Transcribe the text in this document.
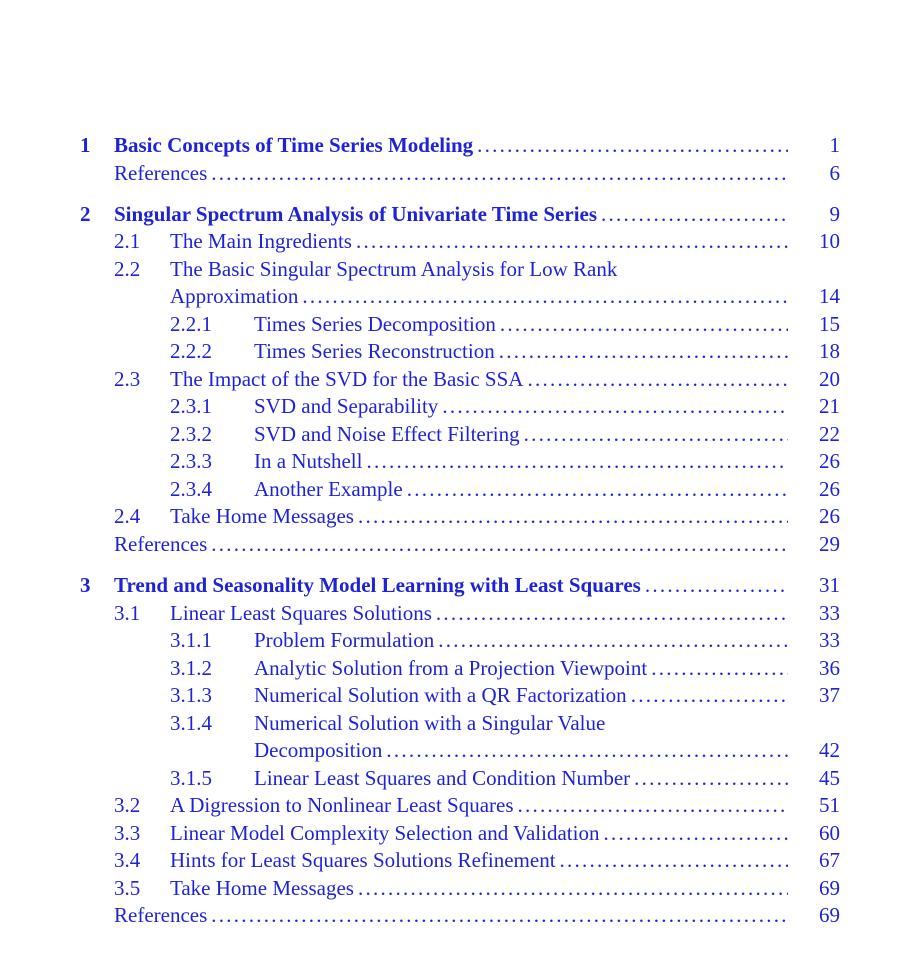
1 Basic Concepts of Time Series Modeling . . .	1
References . . .	6
2 Singular Spectrum Analysis of Univariate Time Series . . .	9
2.1 The Main Ingredients . . .	10
2.2 The Basic Singular Spectrum Analysis for Low Rank
Approximation . . .	14
2.2.1 Times Series Decomposition . . .	15
2.2.2 Times Series Reconstruction . . .	18
2.3 The Impact of the SVD for the Basic SSA . . .	20
2.3.1 SVD and Separability . . .	21
2.3.2 SVD and Noise Effect Filtering . . .	22
2.3.3 In a Nutshell . . .	26
2.3.4 Another Example . . .	26
2.4 Take Home Messages . . .	26
References . . .	29
3 Trend and Seasonality Model Learning with Least Squares . . .	31
3.1 Linear Least Squares Solutions . . .	33
3.1.1 Problem Formulation . . .	33
3.1.2 Analytic Solution from a Projection Viewpoint . . .	36
3.1.3 Numerical Solution with a QR Factorization . . .	37
3.1.4 Numerical Solution with a Singular Value
Decomposition . . .	42
3.1.5 Linear Least Squares and Condition Number . . .	45
3.2 A Digression to Nonlinear Least Squares . . .	51
3.3 Linear Model Complexity Selection and Validation . . .	60
3.4 Hints for Least Squares Solutions Refinement . . .	67
3.5 Take Home Messages . . .	69
References . . .	69
